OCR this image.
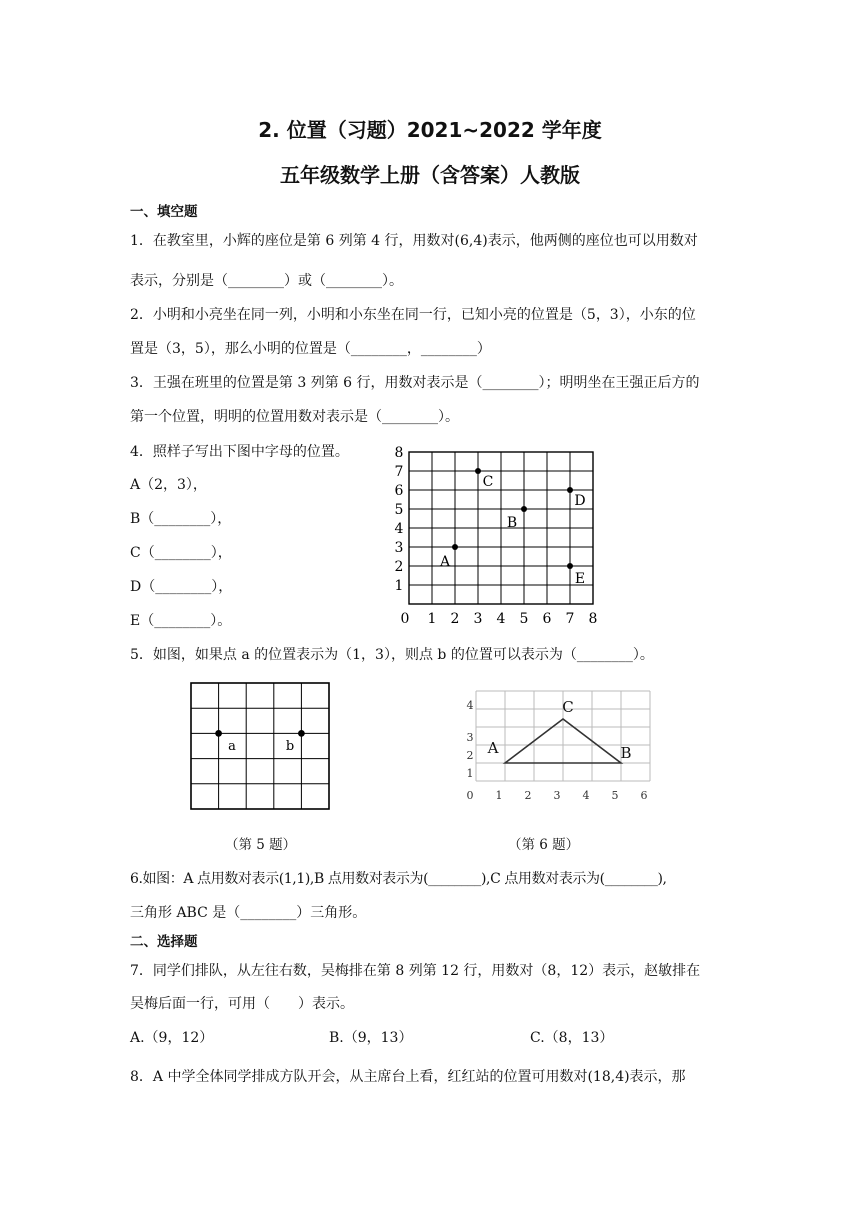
2. 位置（习题）2021~2022 学年度
五年级数学上册（含答案）人教版
一、填空题
1．在教室里，小辉的座位是第 6 列第 4 行，用数对(6,4)表示，他两侧的座位也可以用数对
表示，分别是（________）或（________）。
2．小明和小亮坐在同一列，小明和小东坐在同一行，已知小亮的位置是（5，3），小东的位
置是（3，5），那么小明的位置是（________，________）
3．王强在班里的位置是第 3 列第 6 行，用数对表示是（________）；明明坐在王强正后方的
第一个位置，明明的位置用数对表示是（________）。
4．照样子写出下图中字母的位置。
A（2，3），
B（________），
C（________），
D（________），
E（________）。	0 1 2 3 4 5 6 7 8
1
2
3
4
5
6
7
8
A
B
C
D
E
5．如图，如果点 a 的位置表示为（1，3），则点 b 的位置可以表示为（________）。
a	b
0 1 2 3 4 5 6
1
2
3
4
A	B
C
（第 5 题）	（第 6 题）
6.如图：A 点用数对表示(1,1),B 点用数对表示为(________),C 点用数对表示为(________),
三角形 ABC 是（________）三角形。
二、选择题
7．同学们排队，从左往右数，吴梅排在第 8 列第 12 行，用数对（8，12）表示，赵敏排在
吴梅后面一行，可用（　　）表示。
A.（9，12）	B.（9，13）	C.（8，13）
8．A 中学全体同学排成方队开会，从主席台上看，红红站的位置可用数对(18,4)表示，那
